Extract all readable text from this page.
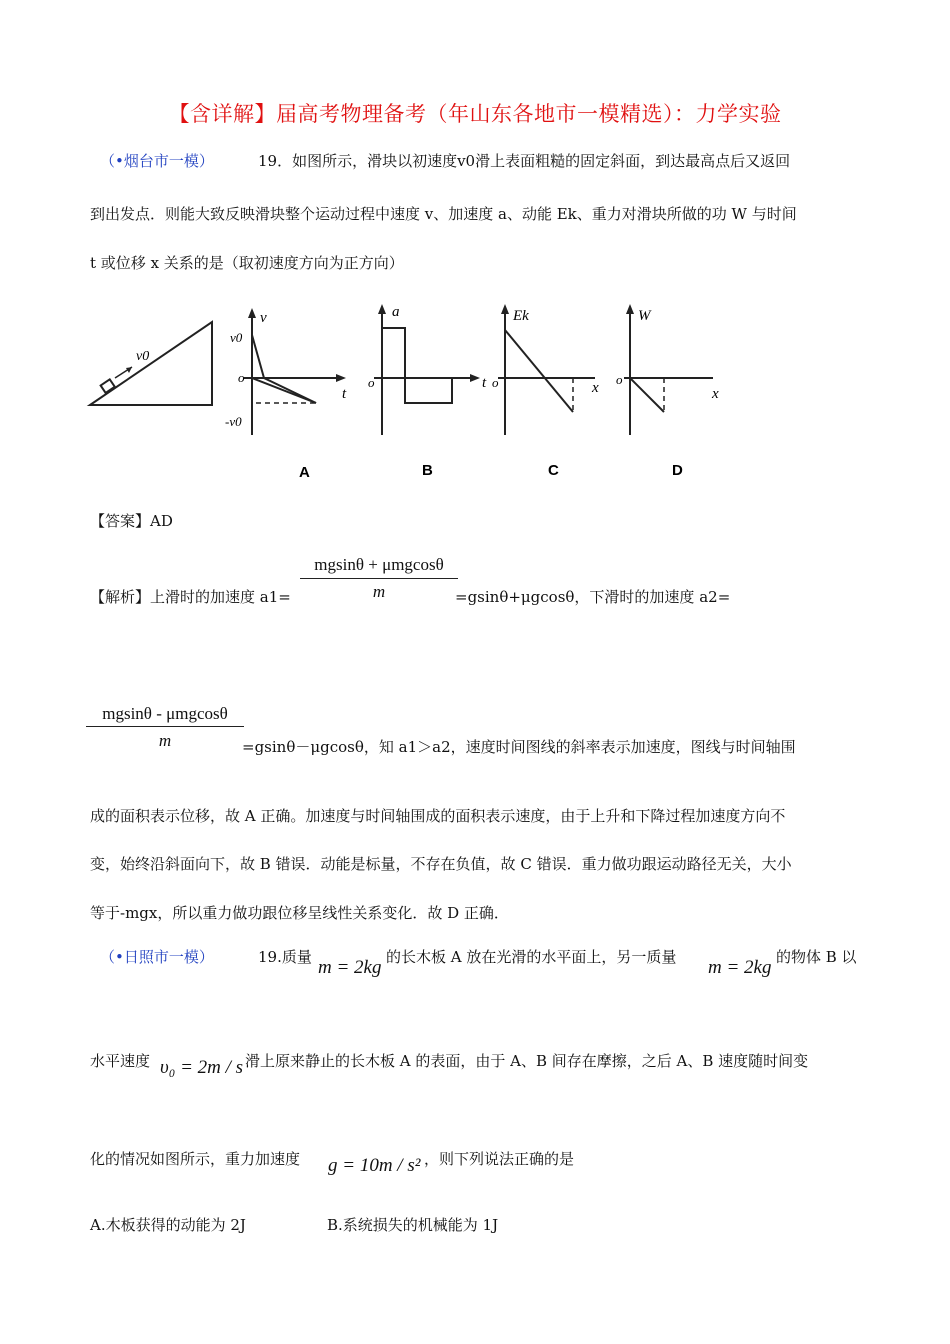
【含详解】届高考物理备考（年山东各地市一模精选）：力学实验
（•烟台市一模）	19．如图所示，滑块以初速度v0滑上表面粗糙的固定斜面，到达最高点后又返回
到出发点．则能大致反映滑块整个运动过程中速度 v、加速度 a、动能 Ek、重力对滑块所做的功 W 与时间
t 或位移 x 关系的是（取初速度方向为正方向）
v0
v
t
v0
o
-v0
A
a
t
o
B
Ek
x
o
C
W
x
o
D
【答案】AD
【解析】上滑时的加速度 a1=
mgsinθ + μmgcosθ
m	=gsinθ+μgcosθ，下滑时的加速度 a2=
mgsinθ - μmgcosθ
m	=gsinθ－μgcosθ，知 a1＞a2，速度时间图线的斜率表示加速度，图线与时间轴围
成的面积表示位移，故 A 正确。加速度与时间轴围成的面积表示速度，由于上升和下降过程加速度方向不
变，始终沿斜面向下，故 B 错误．动能是标量，不存在负值，故 C 错误．重力做功跟运动路径无关，大小
等于-mgx，所以重力做功跟位移呈线性关系变化．故 D 正确．
（•日照市一模）	19.质量 m = 2kg 的长木板 A 放在光滑的水平面上，另一质量 m = 2kg 的物体 B 以
水平速度 υ₀ = 2m / s 滑上原来静止的长木板 A 的表面，由于 A、B 间存在摩擦，之后 A、B 速度随时间变
化的情况如图所示，重力加速度 g = 10m / s² ，则下列说法正确的是
A.木板获得的动能为 2J	B.系统损失的机械能为 1J
